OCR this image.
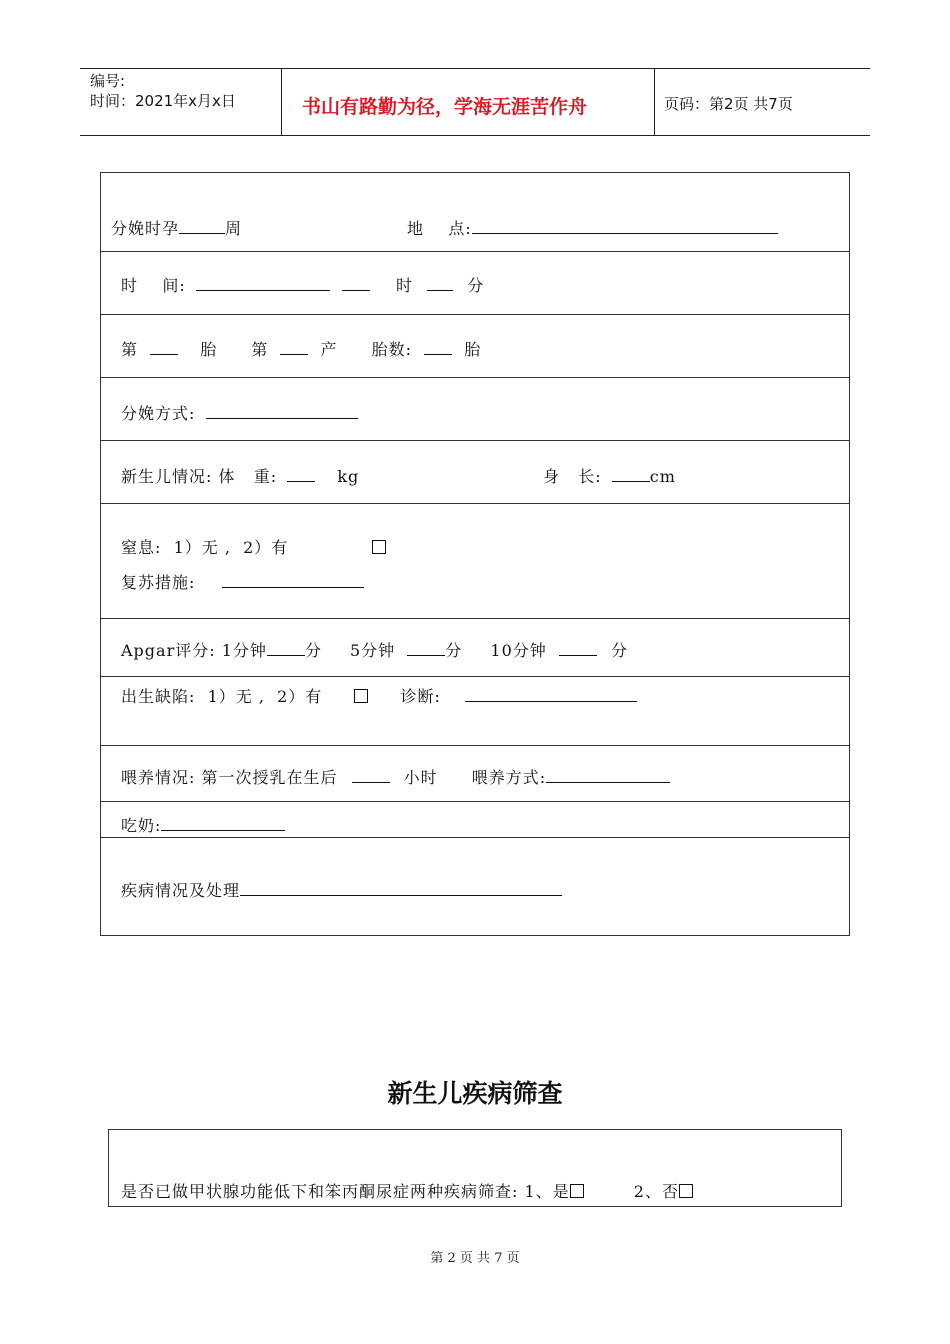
编号:
时间：2021年x月x日	书山有路勤为径，学海无涯苦作舟	页码：第2页 共7页
分娩时孕	周	地    点:
时    间:	时	分
第	胎 第	产 胎数:	胎
分娩方式:
新生儿情况: 体   重:	kg	身   长:	cm
窒息:  1）无 ,  2）有
复苏措施:
Apgar评分: 1分钟 分 5分钟	分 10分钟	分
出生缺陷:  1）无 ,  2）有	诊断:
喂养情况: 第一次授乳在生后	小时 喂养方式:
吃奶:
疾病情况及处理
新生儿疾病筛查
是否已做甲状腺功能低下和笨丙酮尿症两种疾病筛查: 1、是	2、否
第 2 页 共 7 页
